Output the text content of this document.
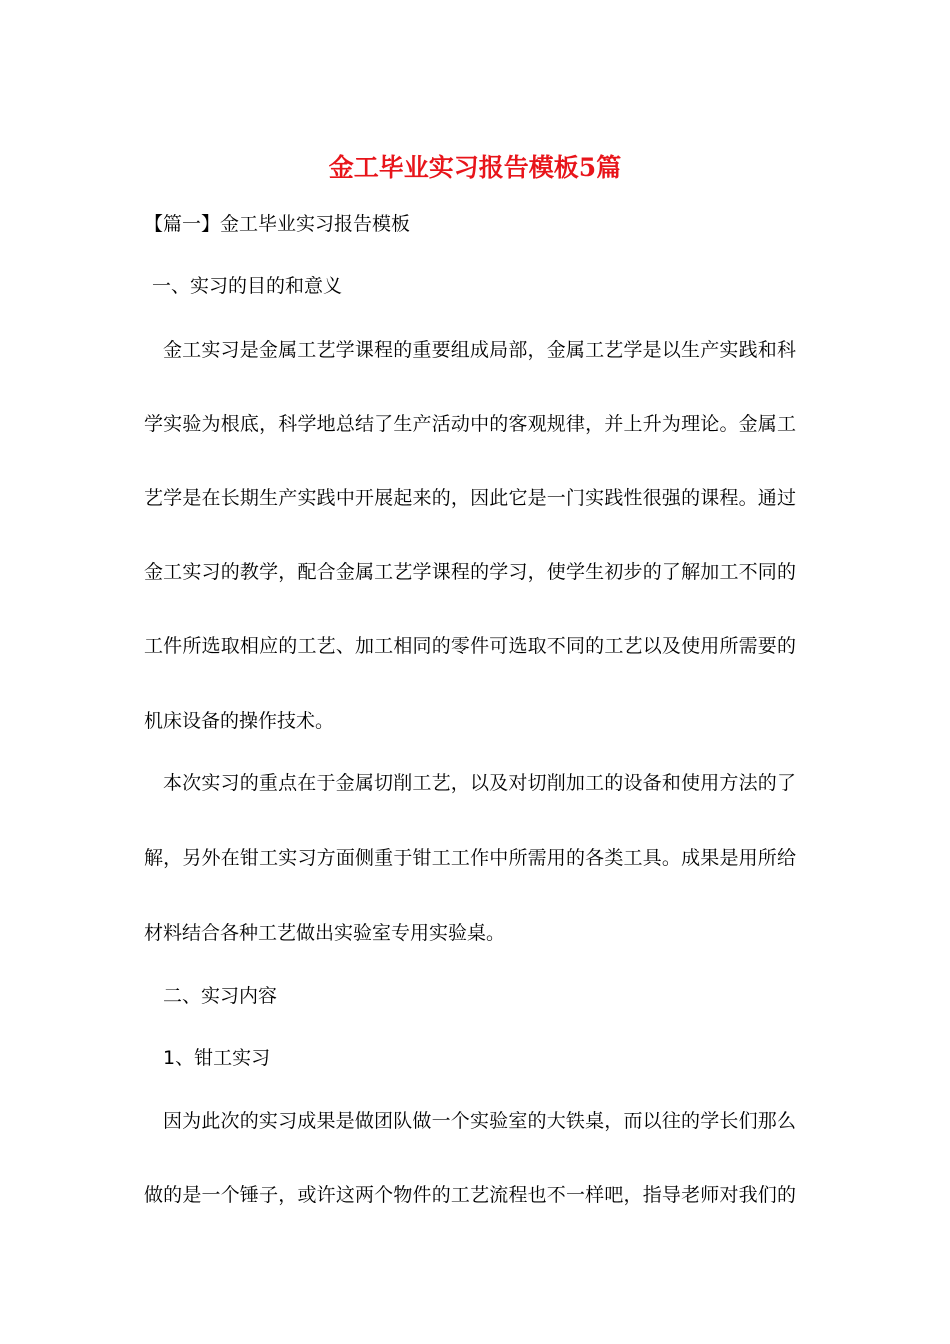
金工毕业实习报告模板5篇
【篇一】金工毕业实习报告模板
一、实习的目的和意义
金工实习是金属工艺学课程的重要组成局部，金属工艺学是以生产实践和科
学实验为根底，科学地总结了生产活动中的客观规律，并上升为理论。金属工
艺学是在长期生产实践中开展起来的，因此它是一门实践性很强的课程。通过
金工实习的教学，配合金属工艺学课程的学习，使学生初步的了解加工不同的
工件所选取相应的工艺、加工相同的零件可选取不同的工艺以及使用所需要的
机床设备的操作技术。
本次实习的重点在于金属切削工艺，以及对切削加工的设备和使用方法的了
解，另外在钳工实习方面侧重于钳工工作中所需用的各类工具。成果是用所给
材料结合各种工艺做出实验室专用实验桌。
二、实习内容
1、钳工实习
因为此次的实习成果是做团队做一个实验室的大铁桌，而以往的学长们那么
做的是一个锤子，或许这两个物件的工艺流程也不一样吧，指导老师对我们的
